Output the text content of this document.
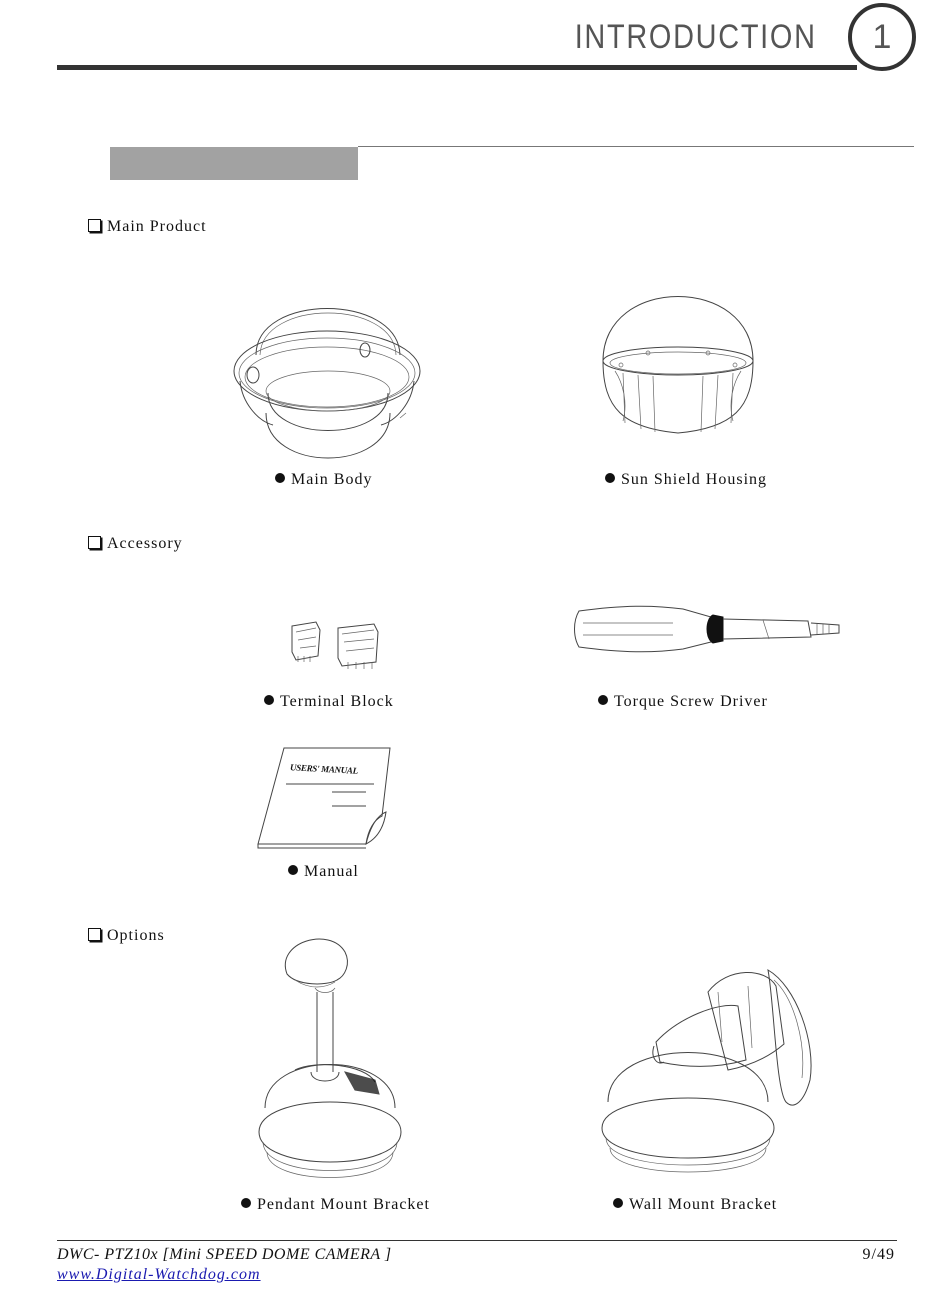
INTRODUCTION	1
Main Product
Main Body	Sun Shield Housing
Accessory
Terminal Block	Torque Screw Driver
USERS' MANUAL
Manual
Options
Pendant Mount Bracket	Wall Mount Bracket
DWC- PTZ10x [Mini SPEED DOME CAMERA ]
www.Digital-Watchdog.com
9/49
